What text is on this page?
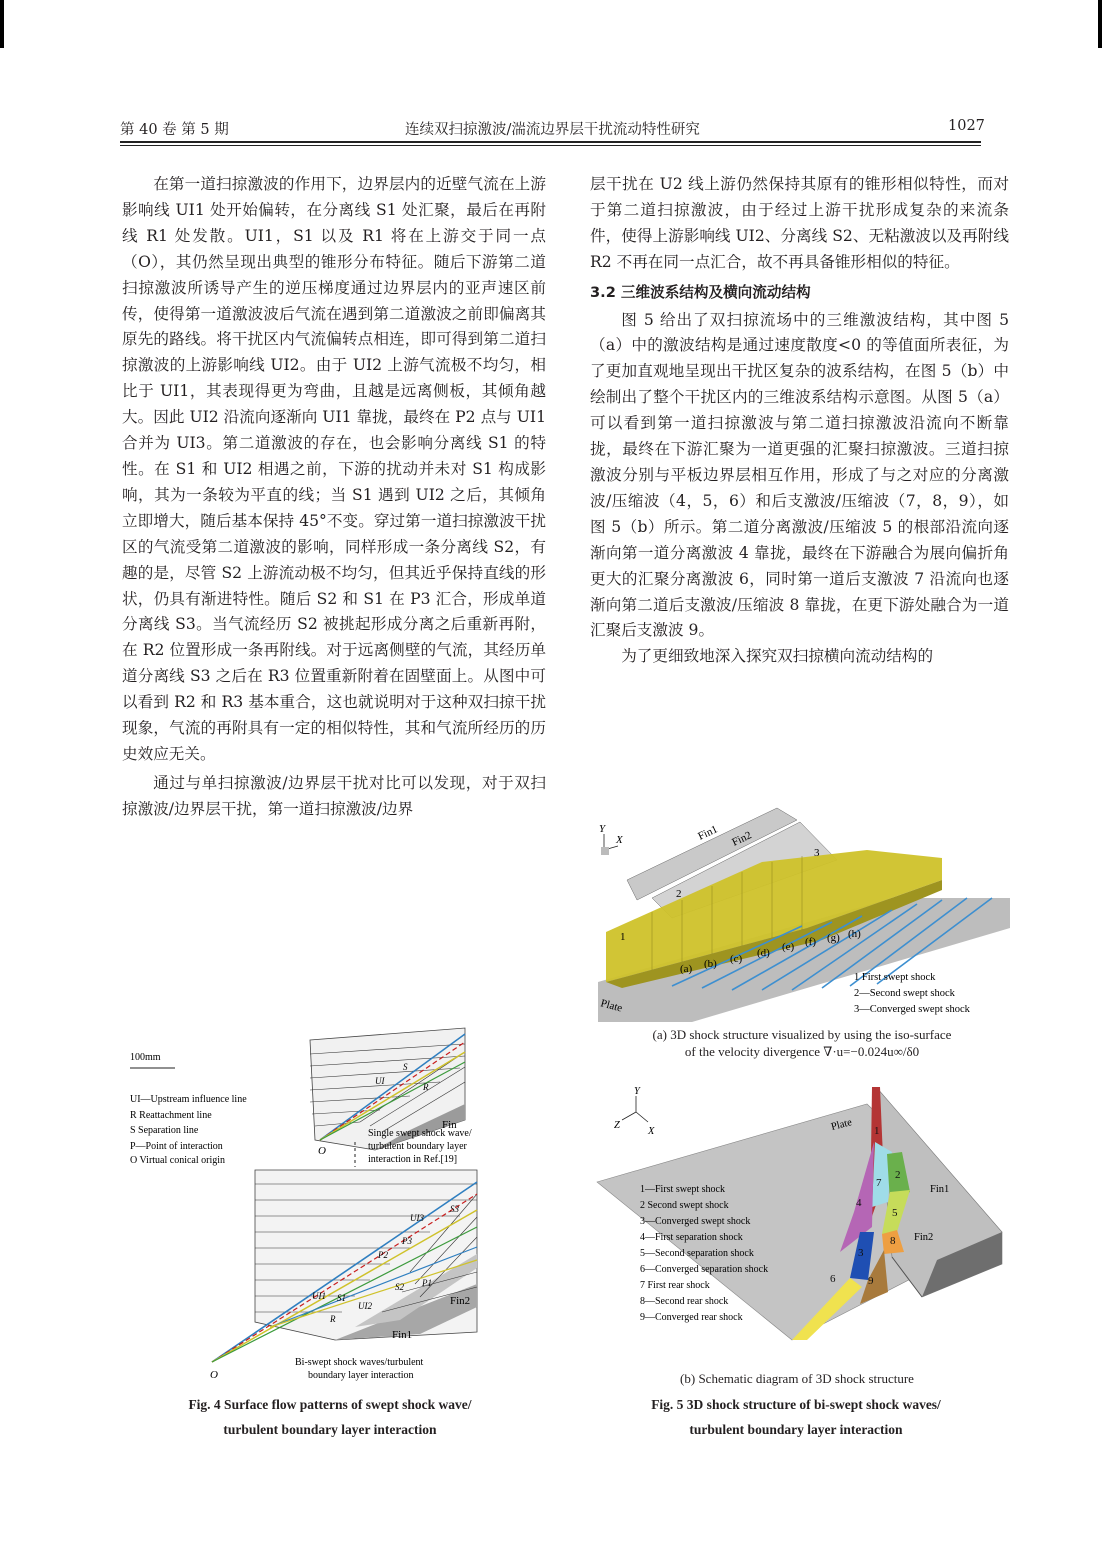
第 40 卷 第 5 期	连续双扫掠激波/湍流边界层干扰流动特性研究	1027

在第一道扫掠激波的作用下，边界层内的近壁气流在上游影响线 UI1 处开始偏转，在分离线 S1 处汇聚，最后在再附线 R1 处发散。UI1，S1 以及 R1 将在上游交于同一点（O），其仍然呈现出典型的锥形分布特征。随后下游第二道扫掠激波所诱导产生的逆压梯度通过边界层内的亚声速区前传，使得第一道激波波后气流在遇到第二道激波之前即偏离其原先的路线。将干扰区内气流偏转点相连，即可得到第二道扫掠激波的上游影响线 UI2。由于 UI2 上游气流极不均匀，相比于 UI1，其表现得更为弯曲，且越是远离侧板，其倾角越大。因此 UI2 沿流向逐渐向 UI1 靠拢，最终在 P2 点与 UI1 合并为 UI3。第二道激波的存在，也会影响分离线 S1 的特性。在 S1 和 UI2 相遇之前，下游的扰动并未对 S1 构成影响，其为一条较为平直的线；当 S1 遇到 UI2 之后，其倾角立即增大，随后基本保持 45°不变。穿过第一道扫掠激波干扰区的气流受第二道激波的影响，同样形成一条分离线 S2，有趣的是，尽管 S2 上游流动极不均匀，但其近乎保持直线的形状，仍具有渐进特性。随后 S2 和 S1 在 P3 汇合，形成单道分离线 S3。当气流经历 S2 被挑起形成分离之后重新再附，在 R2 位置形成一条再附线。对于远离侧壁的气流，其经历单道分离线 S3 之后在 R3 位置重新附着在固壁面上。从图中可以看到 R2 和 R3 基本重合，这也就说明对于这种双扫掠干扰现象，气流的再附具有一定的相似特性，其和气流所经历的历史效应无关。

通过与单扫掠激波/边界层干扰对比可以发现，对于双扫掠激波/边界层干扰，第一道扫掠激波/边界

层干扰在 U2 线上游仍然保持其原有的锥形相似特性，而对于第二道扫掠激波，由于经过上游干扰形成复杂的来流条件，使得上游影响线 UI2、分离线 S2、无粘激波以及再附线 R2 不再在同一点汇合，故不再具备锥形相似的特征。

3.2 三维波系结构及横向流动结构

图 5 给出了双扫掠流场中的三维激波结构，其中图 5（a）中的激波结构是通过速度散度<0 的等值面所表征，为了更加直观地呈现出干扰区复杂的波系结构，在图 5（b）中绘制出了整个干扰区内的三维波系结构示意图。从图 5（a）可以看到第一道扫掠激波与第二道扫掠激波沿流向不断靠拢，最终在下游汇聚为一道更强的汇聚扫掠激波。三道扫掠激波分别与平板边界层相互作用，形成了与之对应的分离激波/压缩波（4，5，6）和后支激波/压缩波（7，8，9），如图 5（b）所示。第二道分离激波/压缩波 5 的根部沿流向逐渐向第一道分离激波 4 靠拢，最终在下游融合为展向偏折角更大的汇聚分离激波 6，同时第一道后支激波 7 沿流向也逐渐向第二道后支激波/压缩波 8 靠拢，在更下游处融合为一道汇聚后支激波 9。

为了更细致地深入探究双扫掠横向流动结构的

Fin
O
UI
S
R
100mm
UI—Upstream influence line
R Reattachment line
S Separation line
P—Point of interaction
O Virtual conical origin
Single swept shock wave/
turbulent boundary layer
interaction in Ref.[19]
Fin1
Fin2
O
UI1 S1
UI2
UI3
S3
S2 P1
P2
P3
R
Bi-swept shock waves/turbulent
boundary layer interaction
Fig. 4 Surface flow patterns of swept shock wave/
turbulent boundary layer interaction
Y
X	Fin1 Fin2
Plate
1
2
3
(a) (b) (c) (d) (e) (f) (g) (h)
1 First swept shock
2—Second swept shock
3—Converged swept shock
(a) 3D shock structure visualized by using the iso-surface
of the velocity divergence ∇·u=−0.024u∞/δ0
Y
X
Z	1
2
3
4
5
6
7
8
9
Plate
Fin1
Fin2
1—First swept shock
2 Second swept shock
3—Converged swept shock
4—First separation shock
5—Second separation shock
6—Converged separation shock
7 First rear shock
8—Second rear shock
9—Converged rear shock
(b) Schematic diagram of 3D shock structure
Fig. 5 3D shock structure of bi-swept shock waves/
turbulent boundary layer interaction
